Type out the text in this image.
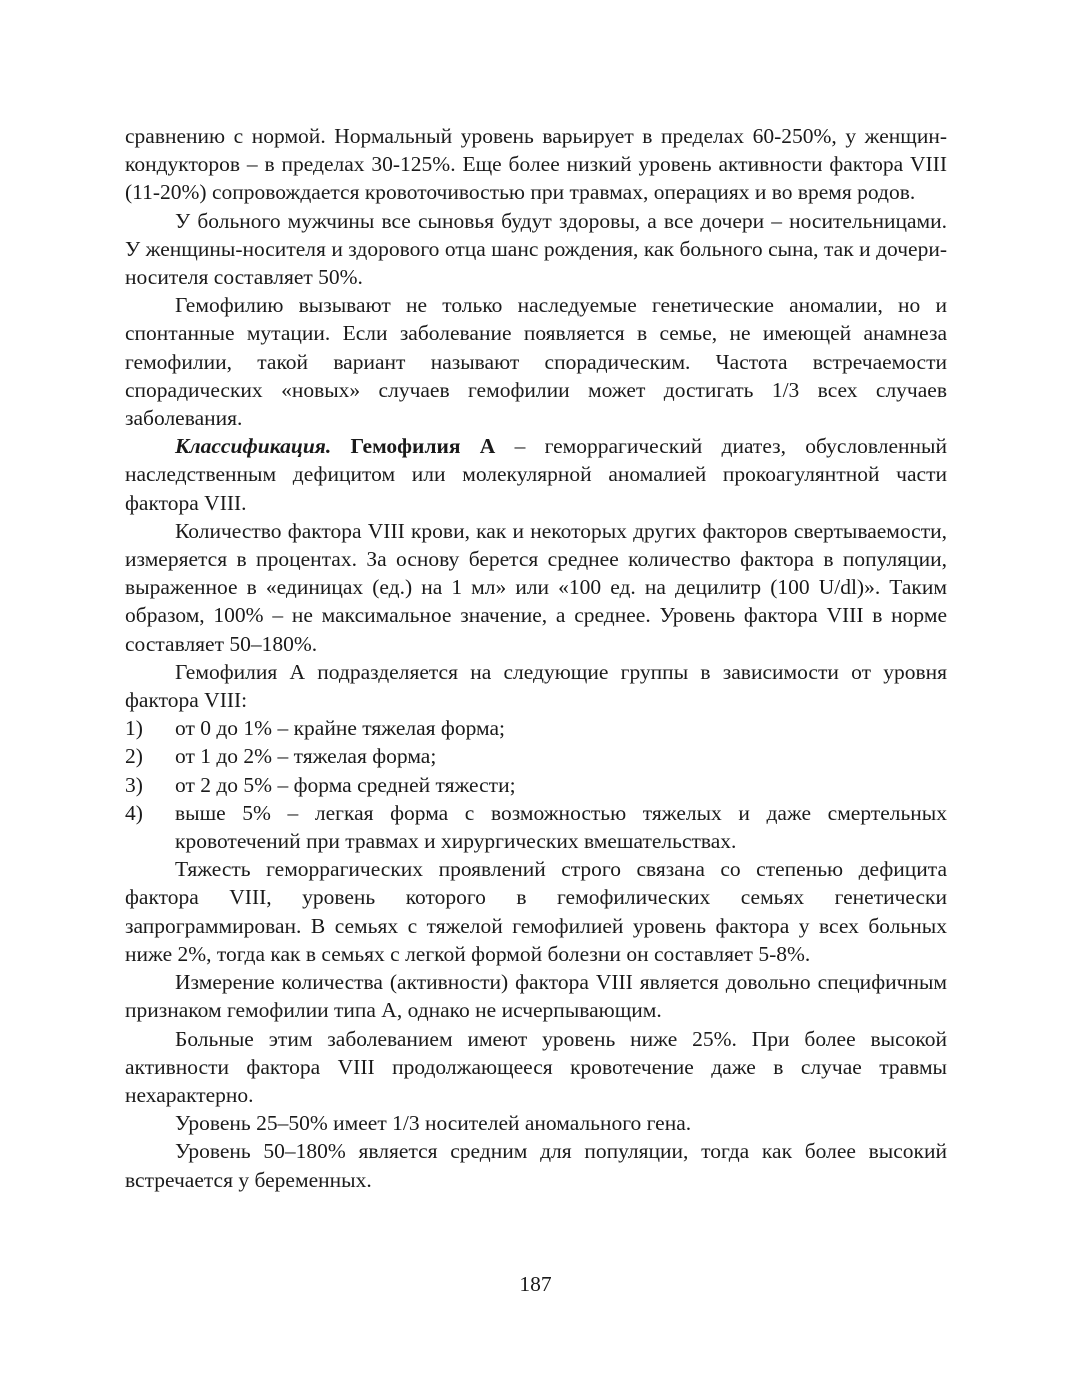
сравнению с нормой. Нормальный уровень варьирует в пределах 60-250%, у женщин-кондукторов – в пределах 30-125%. Еще более низкий уровень активности фактора VIII (11-20%) сопровождается кровоточивостью при травмах, операциях и во время родов.

У больного мужчины все сыновья будут здоровы, а все дочери – носительницами. У женщины-носителя и здорового отца шанс рождения, как больного сына, так и дочери-носителя составляет 50%.

Гемофилию вызывают не только наследуемые генетические аномалии, но и спонтанные мутации. Если заболевание появляется в семье, не имеющей анамнеза гемофилии, такой вариант называют спорадическим. Частота встречаемости спорадических «новых» случаев гемофилии может достигать 1/3 всех случаев заболевания.

Классификация. Гемофилия А – геморрагический диатез, обусловленный наследственным дефицитом или молекулярной аномалией прокоагулянтной части фактора VIII.

Количество фактора VIII крови, как и некоторых других факторов свертываемости, измеряется в процентах. За основу берется среднее количество фактора в популяции, выраженное в «единицах (ед.) на 1 мл» или «100 ед. на децилитр (100 U/dl)». Таким образом, 100% – не максимальное значение, а среднее. Уровень фактора VIII в норме составляет 50–180%.

Гемофилия А подразделяется на следующие группы в зависимости от уровня фактора VIII:

1)	от 0 до 1% – крайне тяжелая форма;
2)	от 1 до 2% – тяжелая форма;
3)	от 2 до 5% – форма средней тяжести;
4)	выше 5% – легкая форма с возможностью тяжелых и даже смертельных кровотечений при травмах и хирургических вмешательствах.

Тяжесть геморрагических проявлений строго связана со степенью дефицита фактора VIII, уровень которого в гемофилических семьях генетически запрограммирован. В семьях с тяжелой гемофилией уровень фактора у всех больных ниже 2%, тогда как в семьях с легкой формой болезни он составляет 5-8%.

Измерение количества (активности) фактора VIII является довольно специфичным признаком гемофилии типа А, однако не исчерпывающим.

Больные этим заболеванием имеют уровень ниже 25%. При более высокой активности фактора VIII продолжающееся кровотечение даже в случае травмы нехарактерно.

Уровень 25–50% имеет 1/3 носителей аномального гена.

Уровень 50–180% является средним для популяции, тогда как более высокий встречается у беременных.

187
